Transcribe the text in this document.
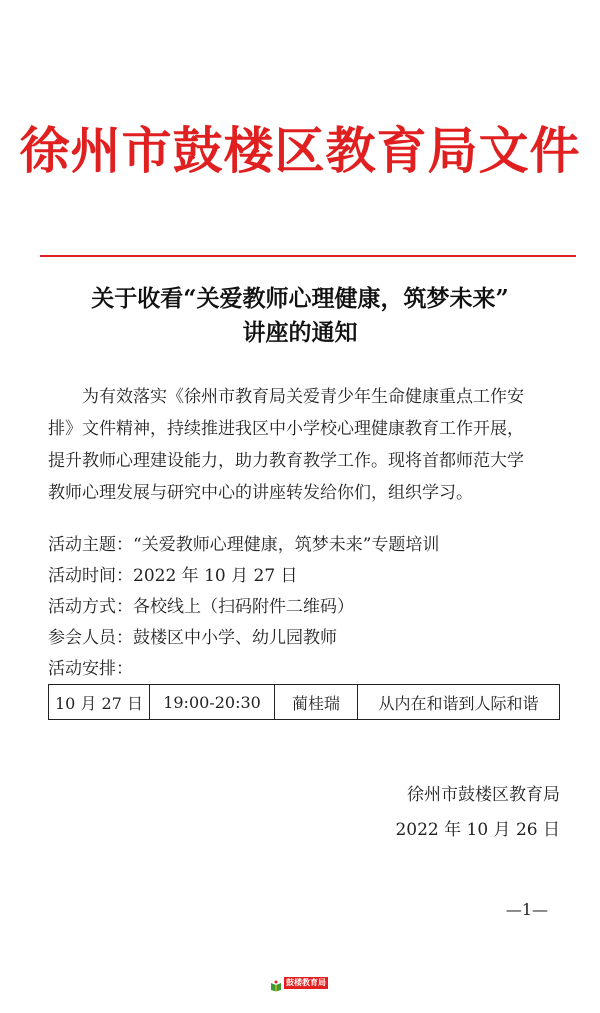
徐州市鼓楼区教育局文件
关于收看“关爱教师心理健康，筑梦未来”
讲座的通知
　　为有效落实《徐州市教育局关爱青少年生命健康重点工作安
排》文件精神，持续推进我区中小学校心理健康教育工作开展，
提升教师心理建设能力，助力教育教学工作。现将首都师范大学
教师心理发展与研究中心的讲座转发给你们，组织学习。
活动主题：“关爱教师心理健康，筑梦未来”专题培训
活动时间：2022 年 10 月 27 日
活动方式：各校线上（扫码附件二维码）
参会人员：鼓楼区中小学、幼儿园教师
活动安排：
10 月 27 日	19:00-20:30	蔺桂瑞	从内在和谐到人际和谐
徐州市鼓楼区教育局
2022 年 10 月 26 日
—1—
鼓楼教育局
